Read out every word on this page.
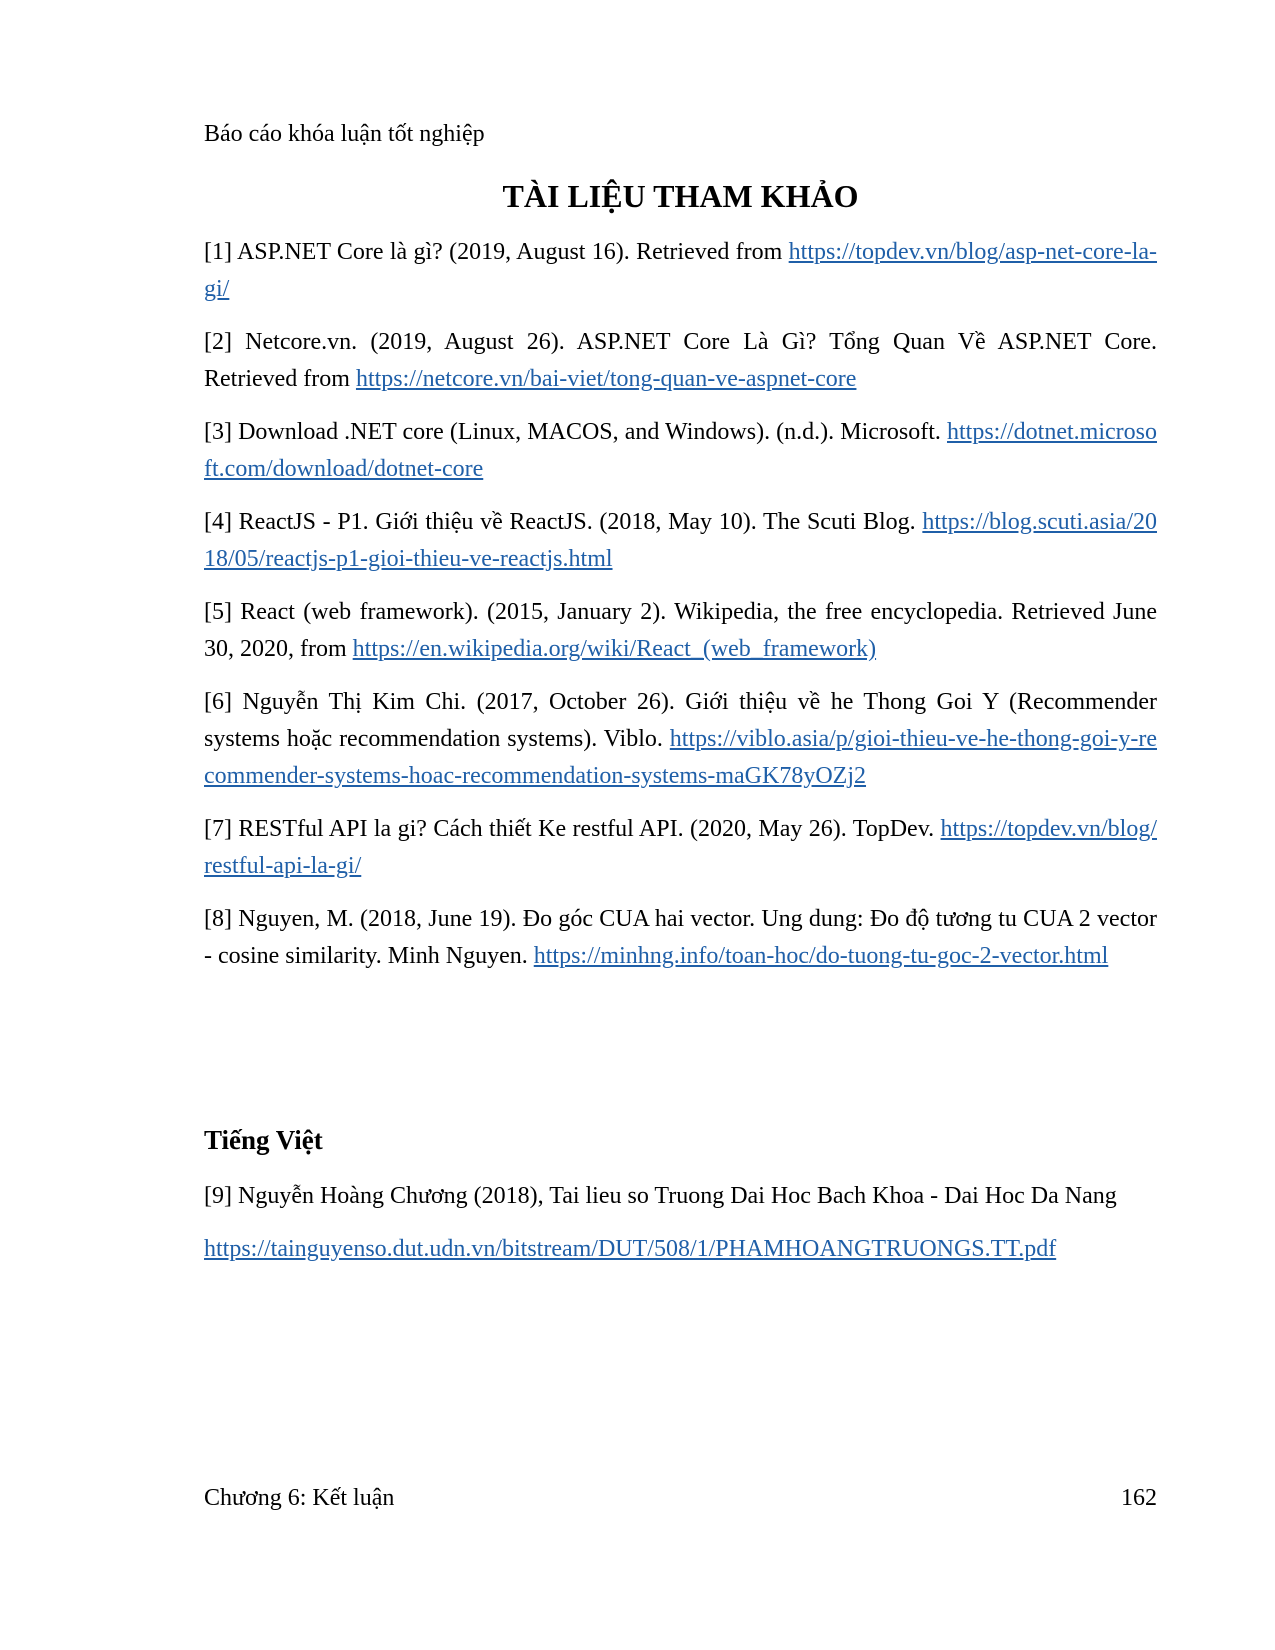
Báo cáo khóa luận tốt nghiệp
TÀI LIỆU THAM KHẢO

[1] ASP.NET Core là gì? (2019, August 16). Retrieved from https://topdev.vn/blog/asp-net-core-la-gi/

[2] Netcore.vn. (2019, August 26). ASP.NET Core Là Gì? Tổng Quan Về ASP.NET Core. Retrieved from https://netcore.vn/bai-viet/tong-quan-ve-aspnet-core

[3] Download .NET core (Linux, MACOS, and Windows). (n.d.). Microsoft. https://dotnet.microsoft.com/download/dotnet-core

[4] ReactJS - P1. Giới thiệu về ReactJS. (2018, May 10). The Scuti Blog. https://blog.scuti.asia/2018/05/reactjs-p1-gioi-thieu-ve-reactjs.html

[5] React (web framework). (2015, January 2). Wikipedia, the free encyclopedia. Retrieved June 30, 2020, from https://en.wikipedia.org/wiki/React_(web_framework)

[6] Nguyễn Thị Kim Chi. (2017, October 26). Giới thiệu về he Thong Goi Y (Recommender systems hoặc recommendation systems). Viblo. https://viblo.asia/p/gioi-thieu-ve-he-thong-goi-y-recommender-systems-hoac-recommendation-systems-maGK78yOZj2

[7] RESTful API la gi? Cách thiết Ke restful API. (2020, May 26). TopDev. https://topdev.vn/blog/restful-api-la-gi/

[8] Nguyen, M. (2018, June 19). Đo góc CUA hai vector. Ung dung: Đo độ tương tu CUA 2 vector - cosine similarity. Minh Nguyen. https://minhng.info/toan-hoc/do-tuong-tu-goc-2-vector.html

Tiếng Việt

[9] Nguyễn Hoàng Chương (2018), Tai lieu so Truong Dai Hoc Bach Khoa - Dai Hoc Da Nang

https://tainguyenso.dut.udn.vn/bitstream/DUT/508/1/PHAMHOANGTRUONGS.TT.pdf

Chương 6: Kết luận	162
